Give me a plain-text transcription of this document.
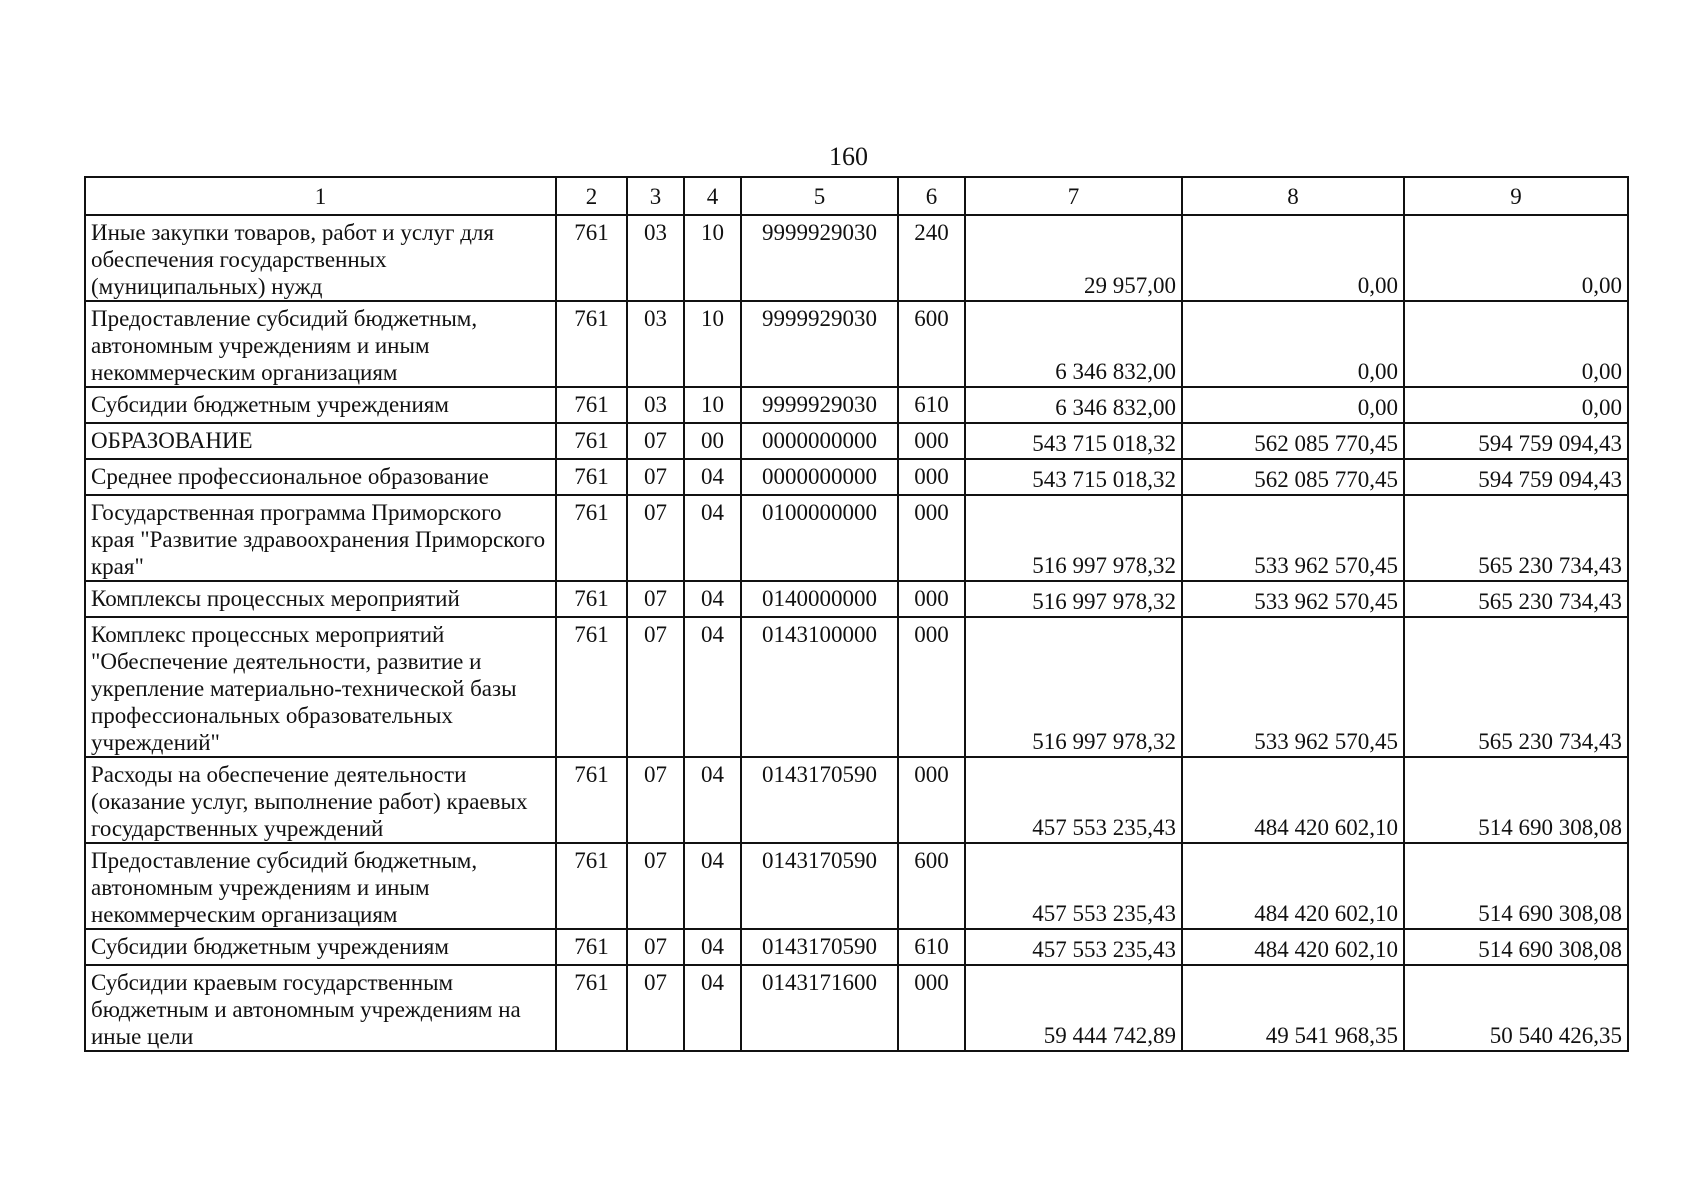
160
1	2	3	4	5	6	7	8	9
Иные закупки товаров, работ и услуг для обеспечения государственных (муниципальных) нужд	761	03	10	9999929030	240	29 957,00	0,00	0,00
Предоставление субсидий бюджетным, автономным учреждениям и иным некоммерческим организациям	761	03	10	9999929030	600	6 346 832,00	0,00	0,00
Субсидии бюджетным учреждениям	761	03	10	9999929030	610	6 346 832,00	0,00	0,00
ОБРАЗОВАНИЕ	761	07	00	0000000000	000	543 715 018,32	562 085 770,45	594 759 094,43
Среднее профессиональное образование	761	07	04	0000000000	000	543 715 018,32	562 085 770,45	594 759 094,43
Государственная программа Приморского края "Развитие здравоохранения Приморского края"	761	07	04	0100000000	000	516 997 978,32	533 962 570,45	565 230 734,43
Комплексы процессных мероприятий	761	07	04	0140000000	000	516 997 978,32	533 962 570,45	565 230 734,43
Комплекс процессных мероприятий "Обеспечение деятельности, развитие и укрепление материально-технической базы профессиональных образовательных учреждений"	761	07	04	0143100000	000	516 997 978,32	533 962 570,45	565 230 734,43
Расходы на обеспечение деятельности (оказание услуг, выполнение работ) краевых государственных учреждений	761	07	04	0143170590	000	457 553 235,43	484 420 602,10	514 690 308,08
Предоставление субсидий бюджетным, автономным учреждениям и иным некоммерческим организациям	761	07	04	0143170590	600	457 553 235,43	484 420 602,10	514 690 308,08
Субсидии бюджетным учреждениям	761	07	04	0143170590	610	457 553 235,43	484 420 602,10	514 690 308,08
Субсидии краевым государственным бюджетным и автономным учреждениям на иные цели	761	07	04	0143171600	000	59 444 742,89	49 541 968,35	50 540 426,35
